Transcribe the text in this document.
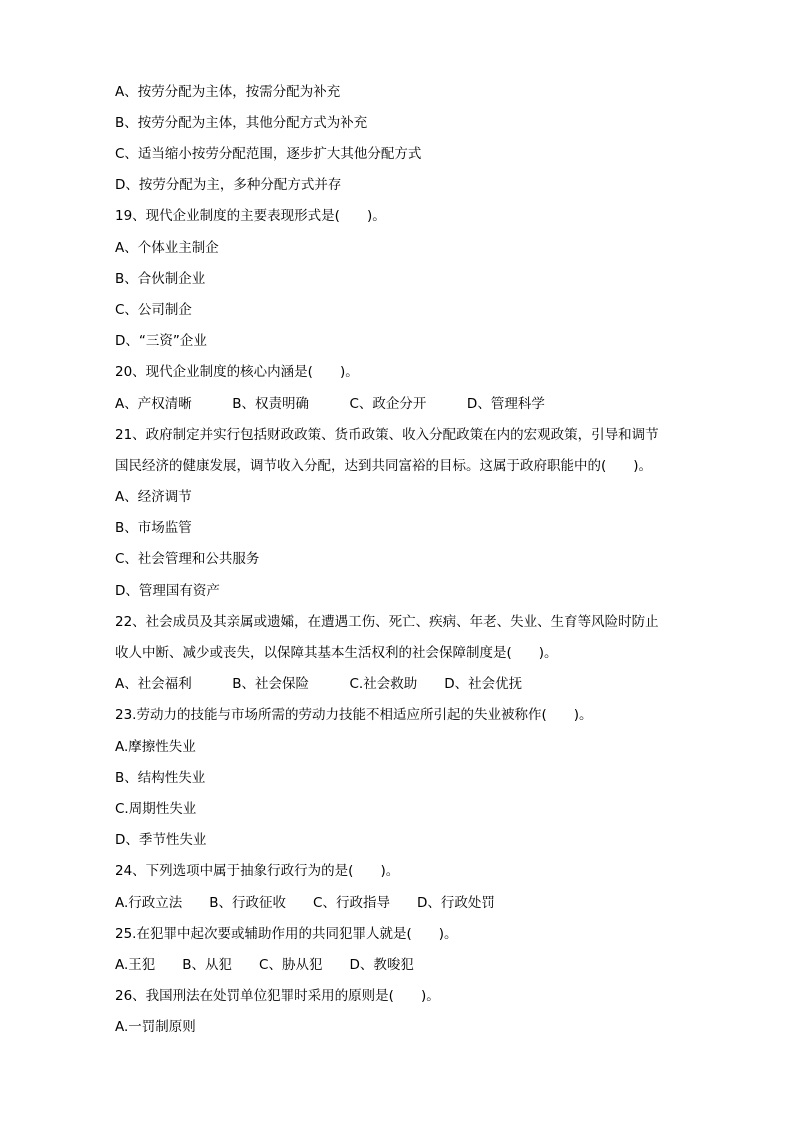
A、按劳分配为主体，按需分配为补充
B、按劳分配为主体，其他分配方式为补充
C、适当缩小按劳分配范围，逐步扩大其他分配方式
D、按劳分配为主，多种分配方式并存
19、现代企业制度的主要表现形式是(　　)。
A、个体业主制企
B、合伙制企业
C、公司制企
D、“三资”企业
20、现代企业制度的核心内涵是(　　)。
A、产权清晰　　　B、权责明确　　　C、政企分开　　　D、管理科学
21、政府制定并实行包括财政政策、货币政策、收入分配政策在内的宏观政策，引导和调节
国民经济的健康发展，调节收入分配，达到共同富裕的目标。这属于政府职能中的(　　)。
A、经济调节
B、市场监管
C、社会管理和公共服务
D、管理国有资产
22、社会成员及其亲属或遗孀，在遭遇工伤、死亡、疾病、年老、失业、生育等风险时防止
收人中断、减少或丧失，以保障其基本生活权利的社会保障制度是(　　)。
A、社会福利　　　B、社会保险　　　C.社会救助　　D、社会优抚
23.劳动力的技能与市场所需的劳动力技能不相适应所引起的失业被称作(　　)。
A.摩擦性失业
B、结构性失业
C.周期性失业
D、季节性失业
24、下列选项中属于抽象行政行为的是(　　)。
A.行政立法　　B、行政征收　　C、行政指导　　D、行政处罚
25.在犯罪中起次要或辅助作用的共同犯罪人就是(　　)。
A.王犯　　B、从犯　　C、胁从犯　　D、教唆犯
26、我国刑法在处罚单位犯罪时采用的原则是(　　)。
A.一罚制原则
